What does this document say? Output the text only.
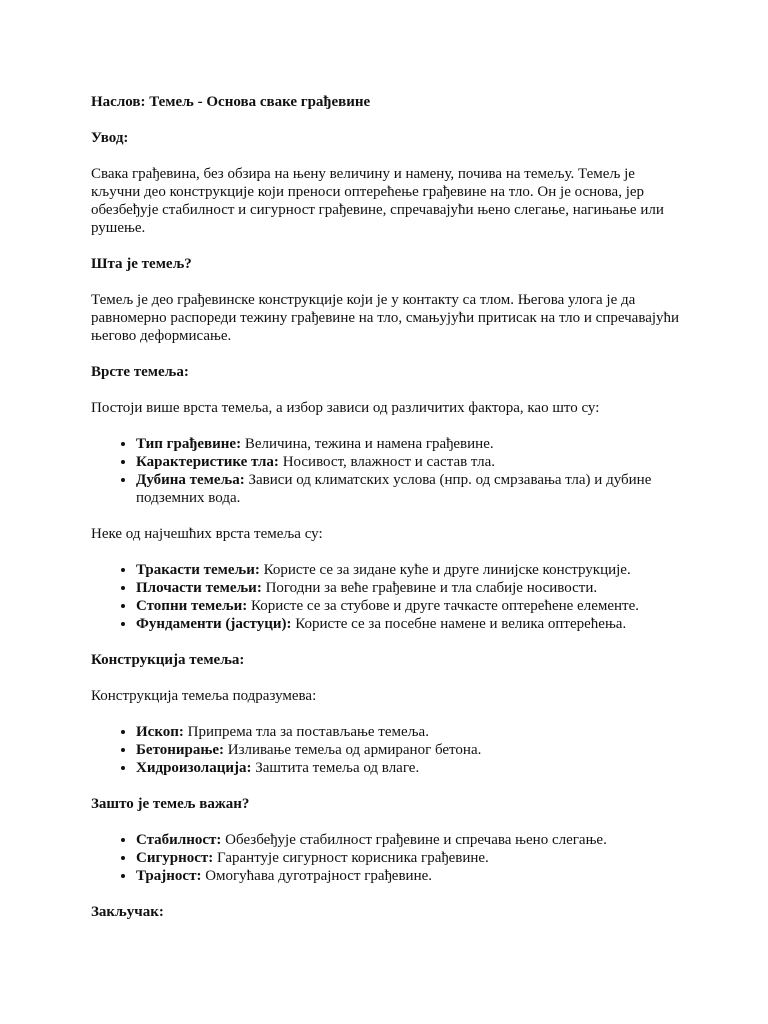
Наслов: Темељ - Основа сваке грађевине

Увод:

Свака грађевина, без обзира на њену величину и намену, почива на темељу. Темељ је кључни део конструкције који преноси оптерећење грађевине на тло. Он је основа, јер обезбеђује стабилност и сигурност грађевине, спречавајући њено слегање, нагињање или рушење.

Шта је темељ?

Темељ је део грађевинске конструкције који је у контакту са тлом. Његова улога је да равномерно распореди тежину грађевине на тло, смањујући притисак на тло и спречавајући његово деформисање.

Врсте темеља:

Постоји више врста темеља, а избор зависи од различитих фактора, као што су:

• Тип грађевине: Величина, тежина и намена грађевине.
• Карактеристике тла: Носивост, влажност и састав тла.
• Дубина темеља: Зависи од климатских услова (нпр. од смрзавања тла) и дубине подземних вода.

Неке од најчешћих врста темеља су:

• Тракасти темељи: Користе се за зидане куће и друге линијске конструкције.
• Плочасти темељи: Погодни за веће грађевине и тла слабије носивости.
• Стопни темељи: Користе се за стубове и друге тачкасте оптерећене елементе.
• Фундаменти (јастуци): Користе се за посебне намене и велика оптерећења.

Конструкција темеља:

Конструкција темеља подразумева:

• Ископ: Припрема тла за постављање темеља.
• Бетонирање: Изливање темеља од армираног бетона.
• Хидроизолација: Заштита темеља од влаге.

Зашто је темељ важан?

• Стабилност: Обезбеђује стабилност грађевине и спречава њено слегање.
• Сигурност: Гарантује сигурност корисника грађевине.
• Трајност: Омогућава дуготрајност грађевине.

Закључак:
